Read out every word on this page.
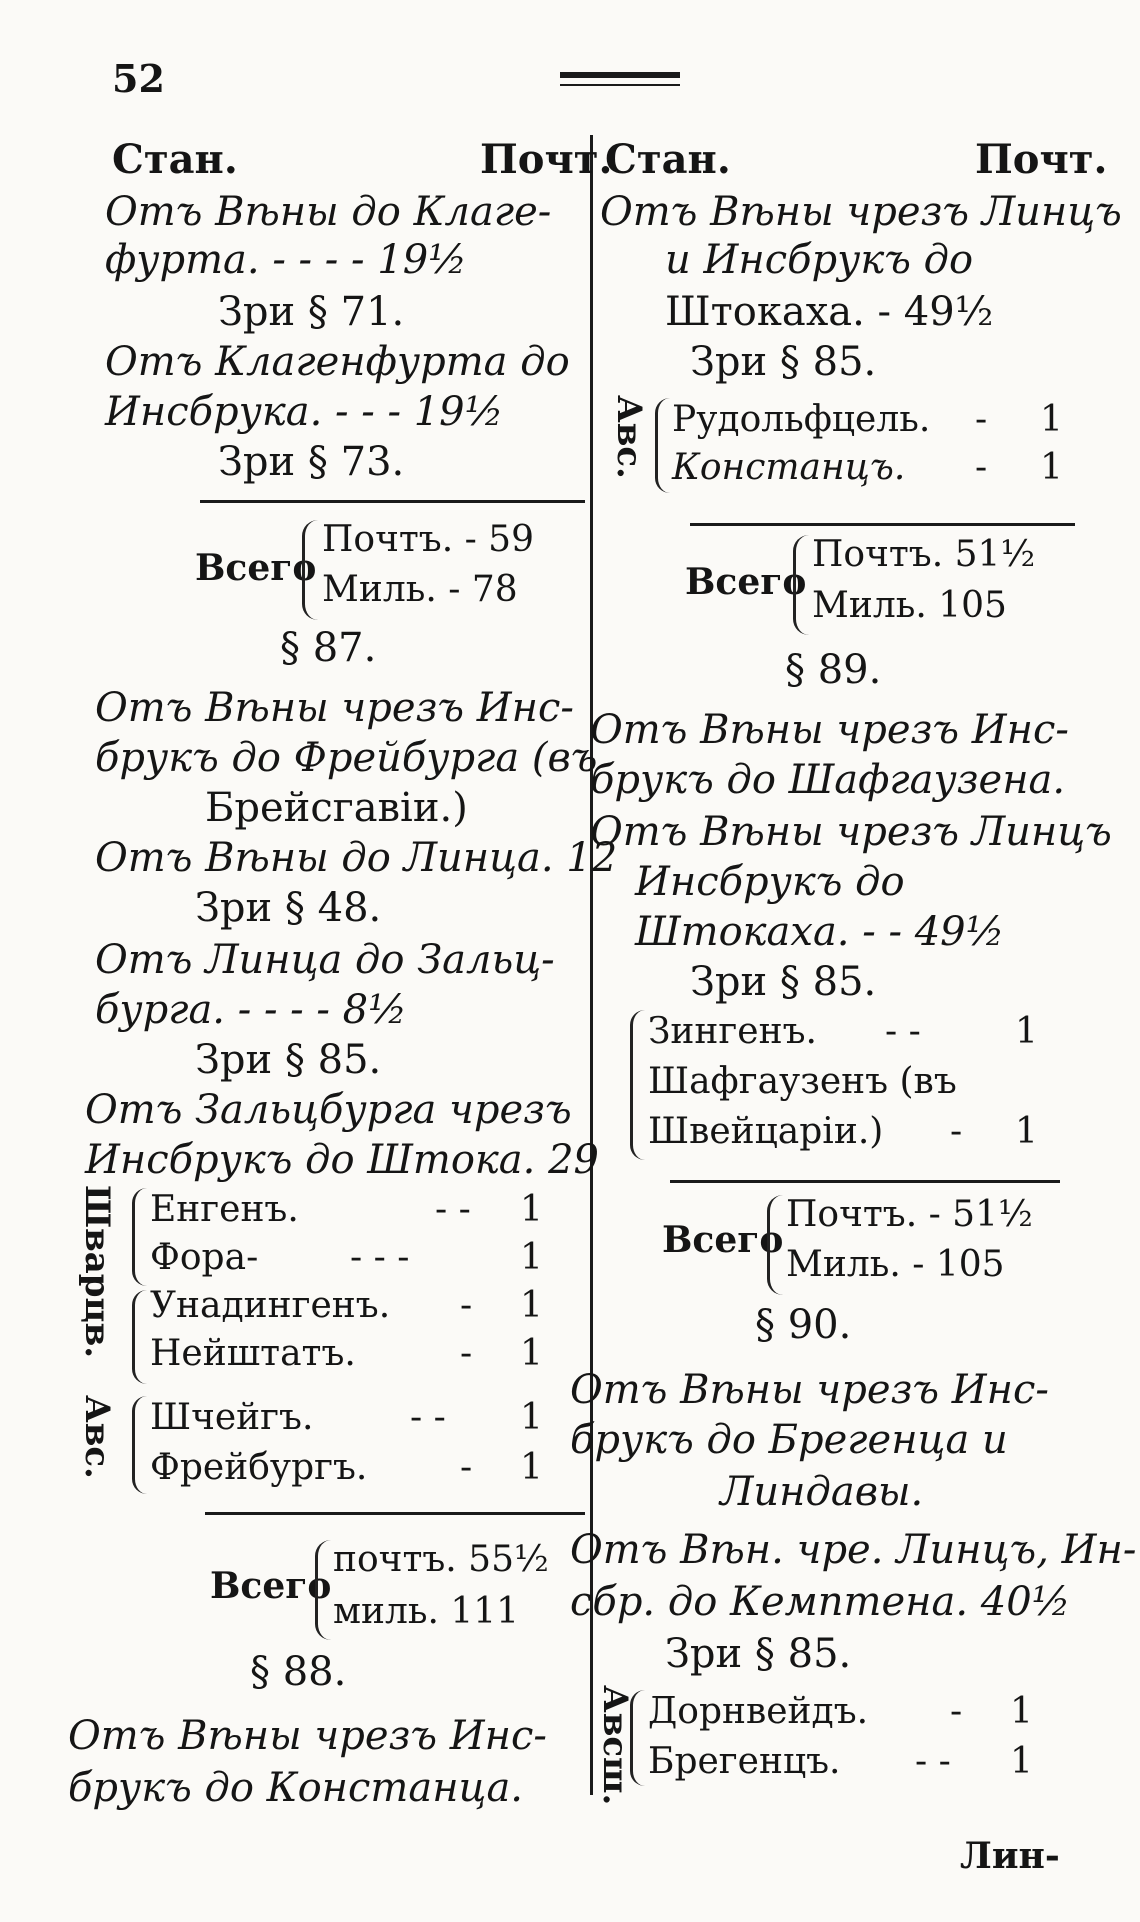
52
Стан.	Почт.
Отъ Вѣны до Клаге-
фурта. - - - - 19½
Зри § 71.
Отъ Клагенфурта до
Инсбрука. - - - 19½
Зри § 73.
Всего
Почтъ. - 59
Миль. - 78
§ 87.
Отъ Вѣны чрезъ Инс-
брукъ до Фрейбурга (въ
Брейсгавіи.)
Отъ Вѣны до Линца. 12
Зри § 48.
Отъ Линца до Зальц-
бурга. - - - - 8½
Зри § 85.
Отъ Зальцбурга чрезъ
Инсбрукъ до Штока. 29
Шварцв. Енгенъ.	- - 1
Фора-	- - -	1
Унадингенъ. - 1
Нейштатъ.	- 1
Авс. Шчейгъ.	- - 1
Фрейбургъ.	- 1
Всего
почтъ. 55½
миль. 111
§ 88.
Отъ Вѣны чрезъ Инс-
брукъ до Констанца.
Стан.	Почт.
Отъ Вѣны чрезъ Линцъ
и Инсбрукъ до
Штокаха. - 49½
Зри § 85.
Авс. Рудольфцель. - 1
Констанцъ. - 1
Всего
Почтъ. 51½
Миль. 105
§ 89.
Отъ Вѣны чрезъ Инс-
брукъ до Шафгаузена.
Отъ Вѣны чрезъ Линцъ
Инсбрукъ до
Штокаха. - - 49½
Зри § 85.
Зингенъ. - -	1
Шафгаузенъ (въ
Швейцаріи.) - 1
Всего
Почтъ. - 51½
Миль. - 105
§ 90.
Отъ Вѣны чрезъ Инс-
брукъ до Брегенца и
Линдавы.
Отъ Вѣн. чре. Линцъ, Ин-
сбр. до Кемптена. 40½
Зри § 85.
Авсш. Дорнвейдъ. - 1
Брегенцъ. - - 1
Лин-
